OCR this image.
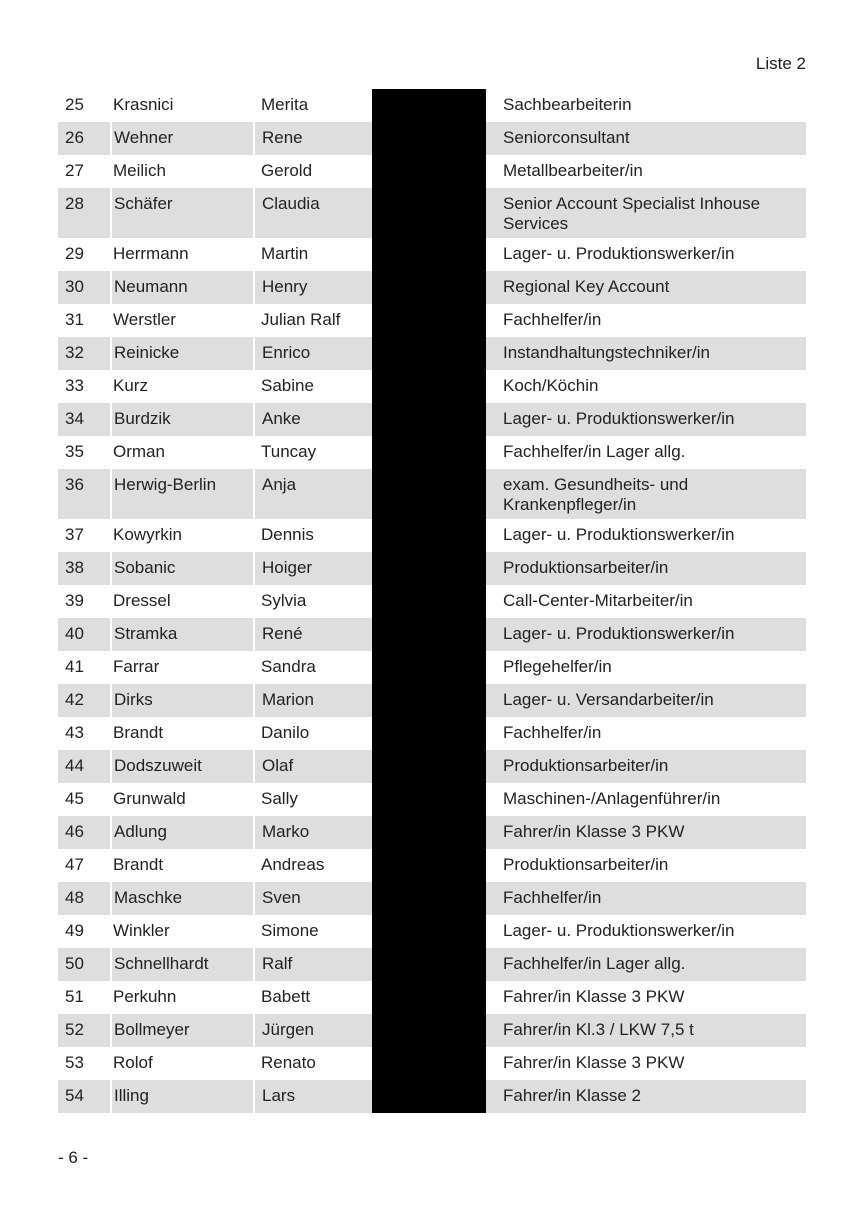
Liste 2
25	Krasnici	Merita		Sachbearbeiterin

26	Wehner	Rene		Seniorconsultant

27	Meilich	Gerold		Metallbearbeiter/in

28	Schäfer	Claudia		Senior Account Specialist Inhouse
Services

29	Herrmann	Martin		Lager- u. Produktionswerker/in

30	Neumann	Henry		Regional Key Account

31	Werstler	Julian Ralf		Fachhelfer/in

32	Reinicke	Enrico		Instandhaltungstechniker/in

33	Kurz	Sabine		Koch/Köchin

34	Burdzik	Anke		Lager- u. Produktionswerker/in

35	Orman	Tuncay		Fachhelfer/in Lager allg.

36	Herwig-Berlin	Anja		exam. Gesundheits- und
Krankenpfleger/in

37	Kowyrkin	Dennis		Lager- u. Produktionswerker/in

38	Sobanic	Hoiger		Produktionsarbeiter/in

39	Dressel	Sylvia		Call-Center-Mitarbeiter/in

40	Stramka	René		Lager- u. Produktionswerker/in

41	Farrar	Sandra		Pflegehelfer/in

42	Dirks	Marion		Lager- u. Versandarbeiter/in

43	Brandt	Danilo		Fachhelfer/in

44	Dodszuweit	Olaf		Produktionsarbeiter/in

45	Grunwald	Sally		Maschinen-/Anlagenführer/in

46	Adlung	Marko		Fahrer/in Klasse 3 PKW

47	Brandt	Andreas		Produktionsarbeiter/in

48	Maschke	Sven		Fachhelfer/in

49	Winkler	Simone		Lager- u. Produktionswerker/in

50	Schnellhardt	Ralf		Fachhelfer/in Lager allg.

51	Perkuhn	Babett		Fahrer/in Klasse 3 PKW

52	Bollmeyer	Jürgen		Fahrer/in Kl.3 / LKW 7,5 t

53	Rolof	Renato		Fahrer/in Klasse 3 PKW

54	Illing	Lars		Fahrer/in Klasse 2
- 6 -
